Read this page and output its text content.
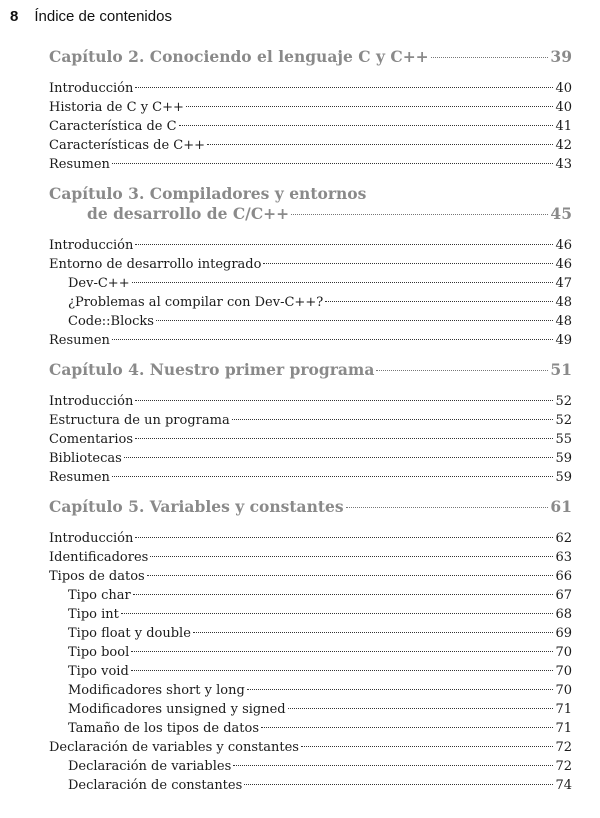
8 Índice de contenidos
Capítulo 2. Conociendo el lenguaje C y C++	39
Introducción	40
Historia de C y C++	40
Característica de C	41
Características de C++	42
Resumen	43
Capítulo 3. Compiladores y entornos
de desarrollo de C/C++	45
Introducción	46
Entorno de desarrollo integrado	46
Dev-C++	47
¿Problemas al compilar con Dev-C++?	48
Code::Blocks	48
Resumen	49
Capítulo 4. Nuestro primer programa	51
Introducción	52
Estructura de un programa	52
Comentarios	55
Bibliotecas	59
Resumen	59
Capítulo 5. Variables y constantes	61
Introducción	62
Identificadores	63
Tipos de datos	66
Tipo char	67
Tipo int	68
Tipo float y double	69
Tipo bool	70
Tipo void	70
Modificadores short y long	70
Modificadores unsigned y signed	71
Tamaño de los tipos de datos	71
Declaración de variables y constantes	72
Declaración de variables	72
Declaración de constantes	74
